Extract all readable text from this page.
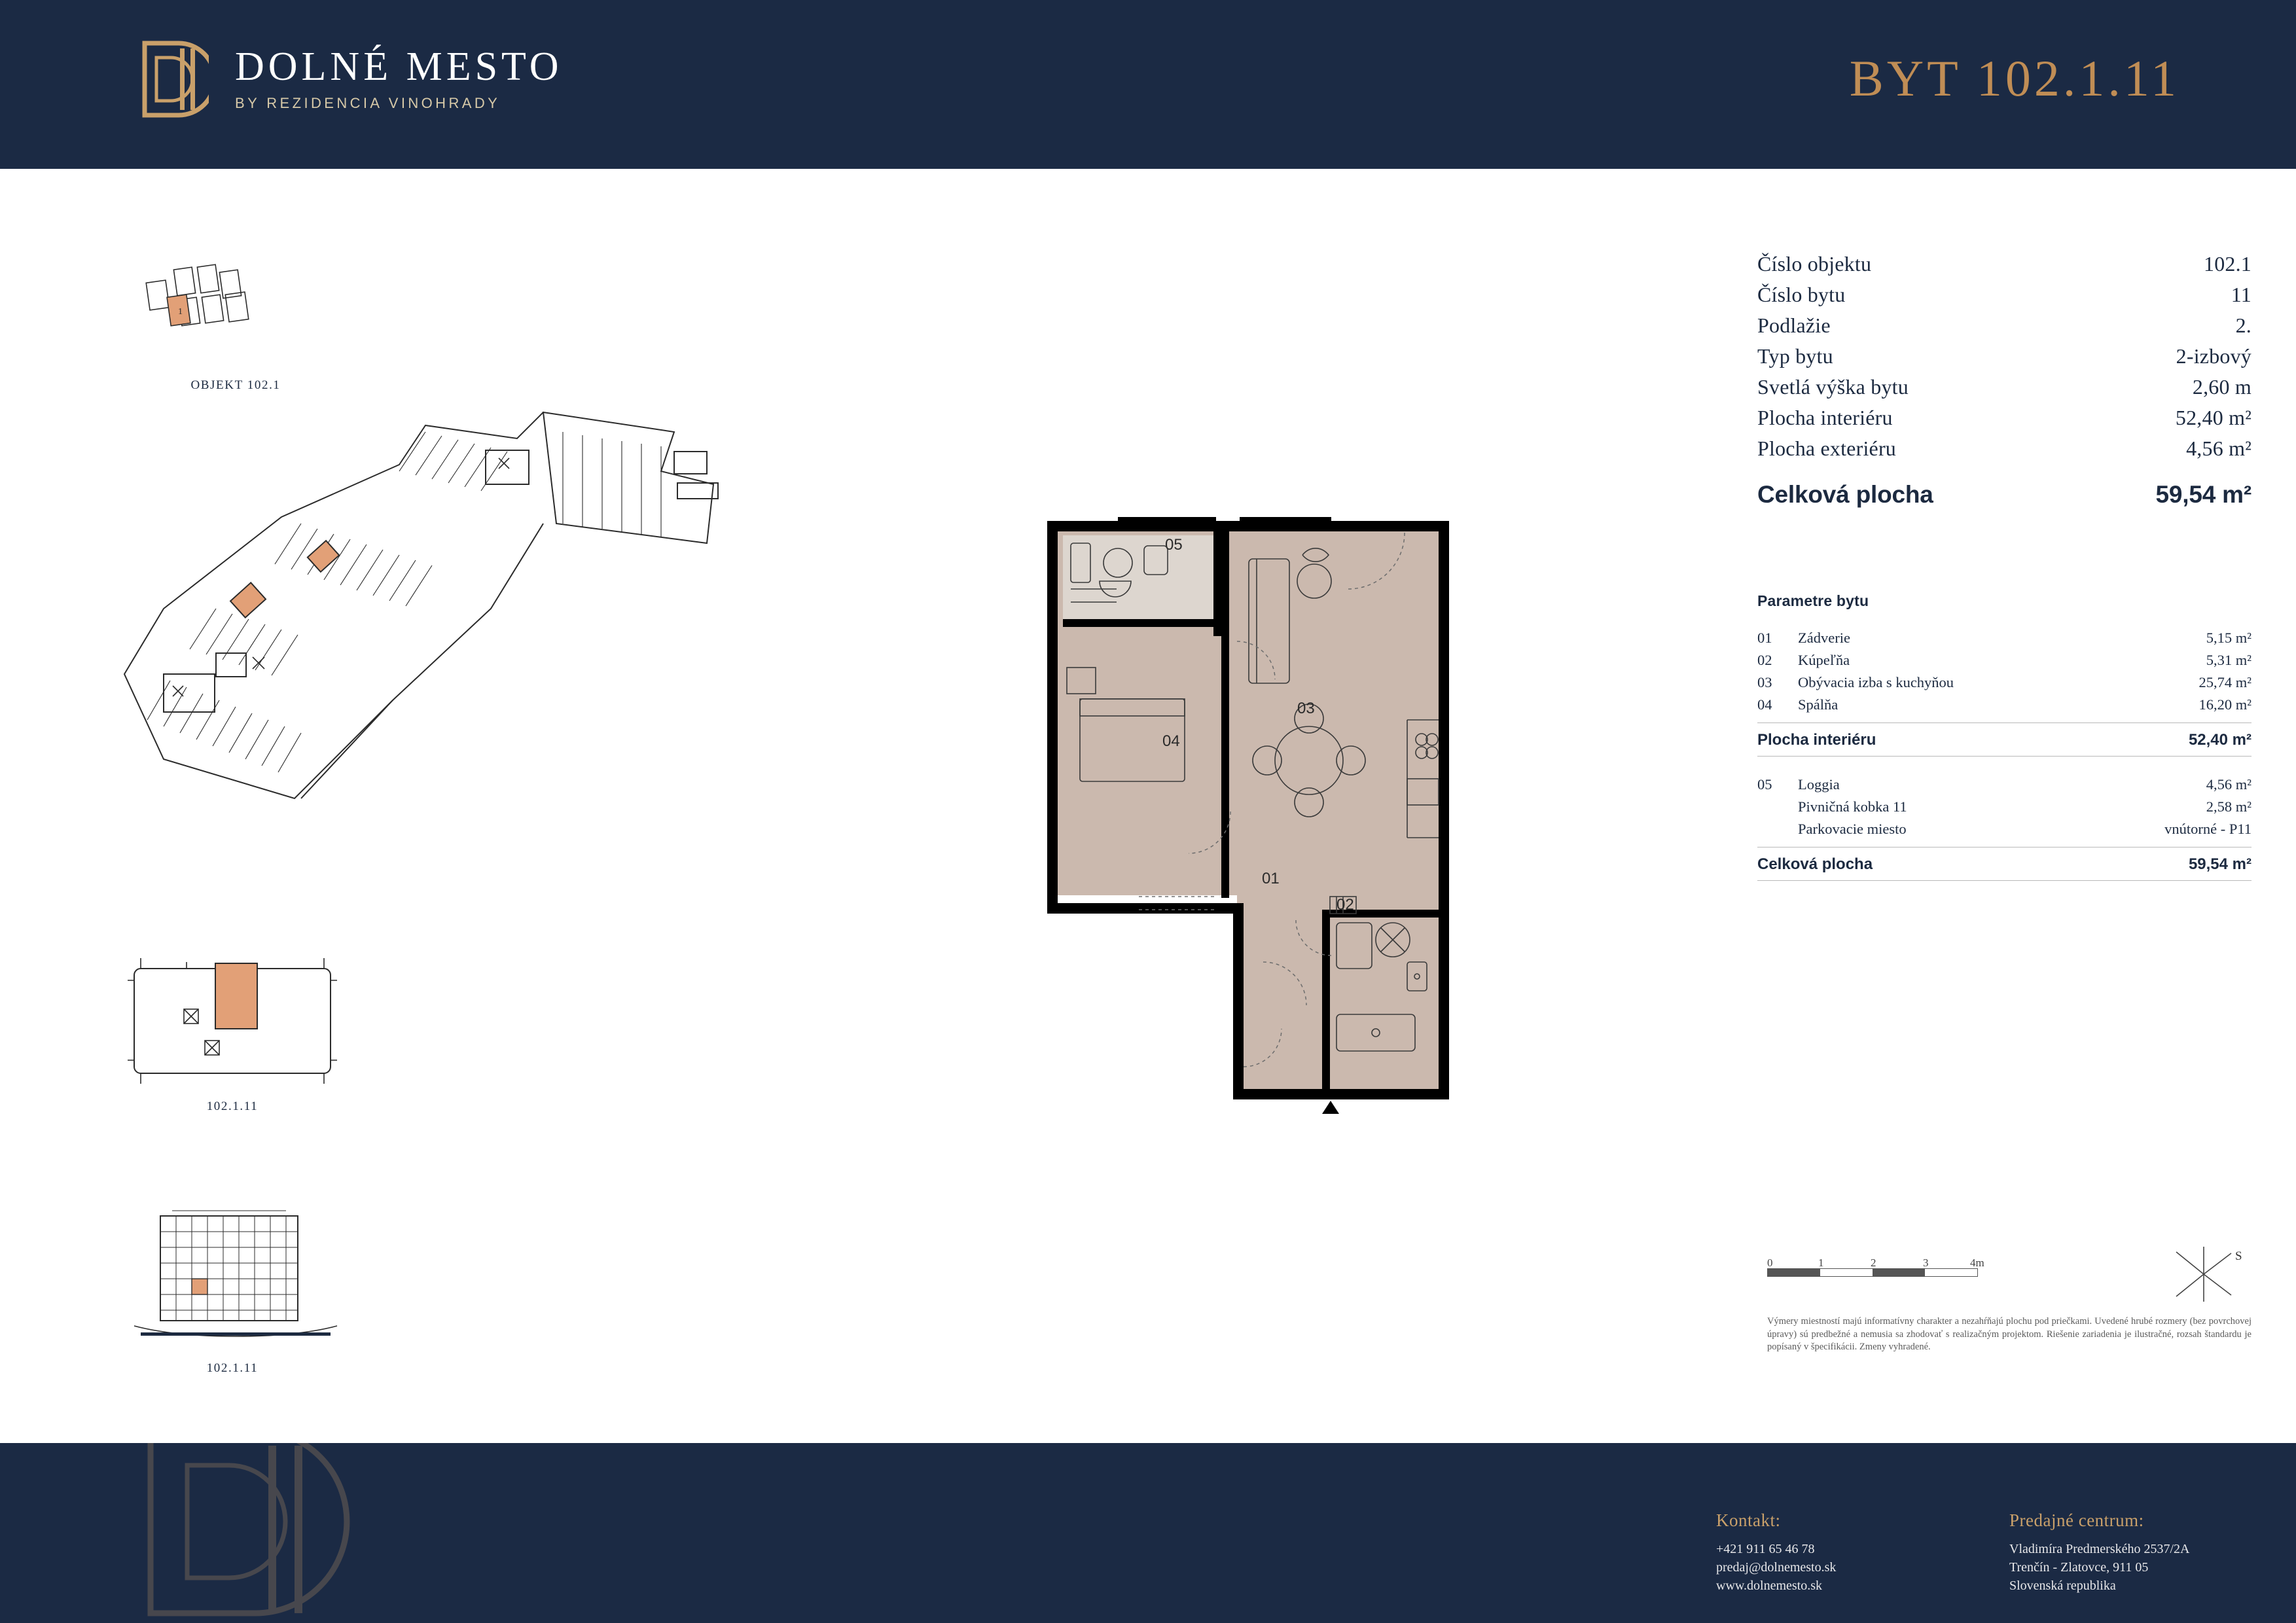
DOLNÉ MESTO
BY REZIDENCIA VINOHRADY	BYT 102.1.11
1
OBJEKT 102.1
102.1.11
102.1.11
05
04
03
01
02
Číslo objektu	102.1
Číslo bytu	11
Podlažie	2.
Typ bytu	2-izbový
Svetlá výška bytu	2,60 m
Plocha interiéru	52,40 m²
Plocha exteriéru	4,56 m²
Celková plocha	59,54 m²
Parametre bytu
01	Zádverie	5,15 m²
02	Kúpeľňa	5,31 m²
03	Obývacia izba s kuchyňou	25,74 m²
04	Spálňa	16,20 m²
Plocha interiéru	52,40 m²
05	Loggia	4,56 m²
	Pivničná kobka 11	2,58 m²
	Parkovacie miesto	vnútorné - P11
Celková plocha	59,54 m²
0	1	2	3	4m	S
Výmery miestností majú informatívny charakter a nezahŕňajú plochu pod priečkami. Uvedené hrubé rozmery (bez povrchovej úpravy) sú predbežné a nemusia sa zhodovať s realizačným projektom. Riešenie zariadenia je ilustračné, rozsah štandardu je popísaný v špecifikácii. Zmeny vyhradené.
Kontakt:
+421 911 65 46 78
predaj@dolnemesto.sk
www.dolnemesto.sk
Predajné centrum:
Vladimíra Predmerského 2537/2A
Trenčín - Zlatovce, 911 05
Slovenská republika
